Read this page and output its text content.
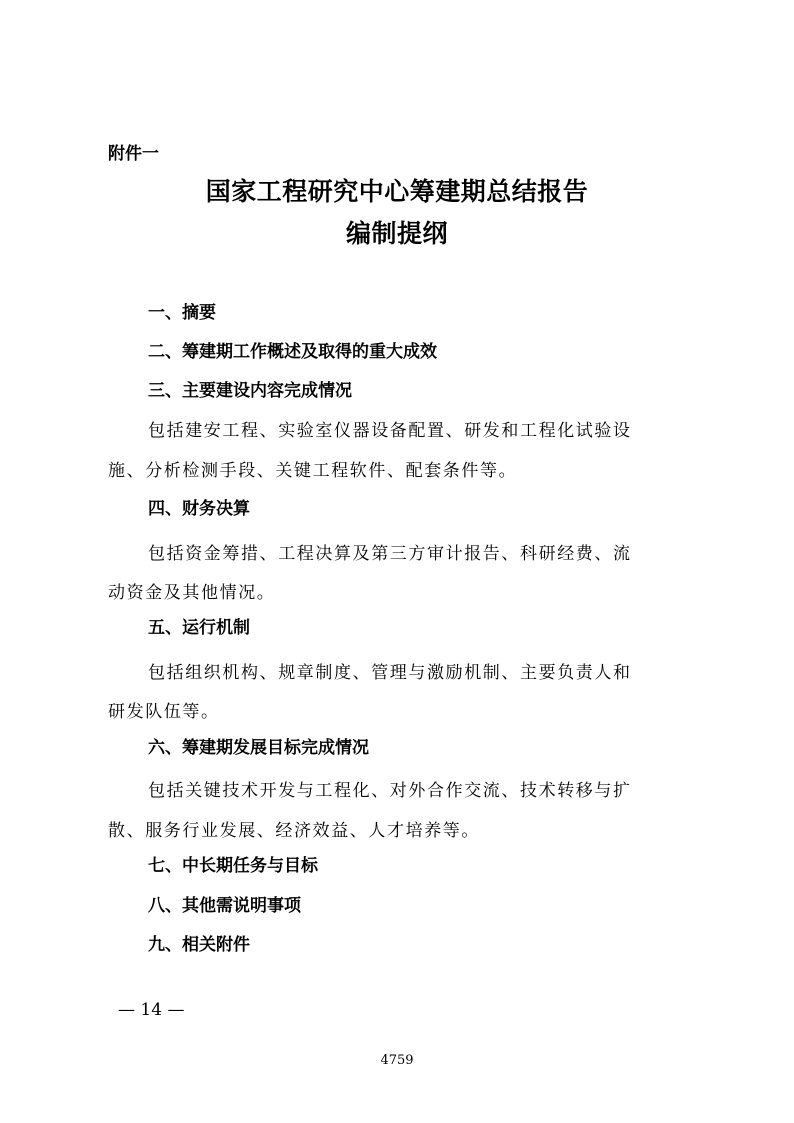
附件一
国家工程研究中心筹建期总结报告
编制提纲
一、摘要
二、筹建期工作概述及取得的重大成效
三、主要建设内容完成情况
包括建安工程、实验室仪器设备配置、研发和工程化试验设
施、分析检测手段、关键工程软件、配套条件等。
四、财务决算
包括资金筹措、工程决算及第三方审计报告、科研经费、流
动资金及其他情况。
五、运行机制
包括组织机构、规章制度、管理与激励机制、主要负责人和
研发队伍等。
六、筹建期发展目标完成情况
包括关键技术开发与工程化、对外合作交流、技术转移与扩
散、服务行业发展、经济效益、人才培养等。
七、中长期任务与目标
八、其他需说明事项
九、相关附件
— 14 —
4759
